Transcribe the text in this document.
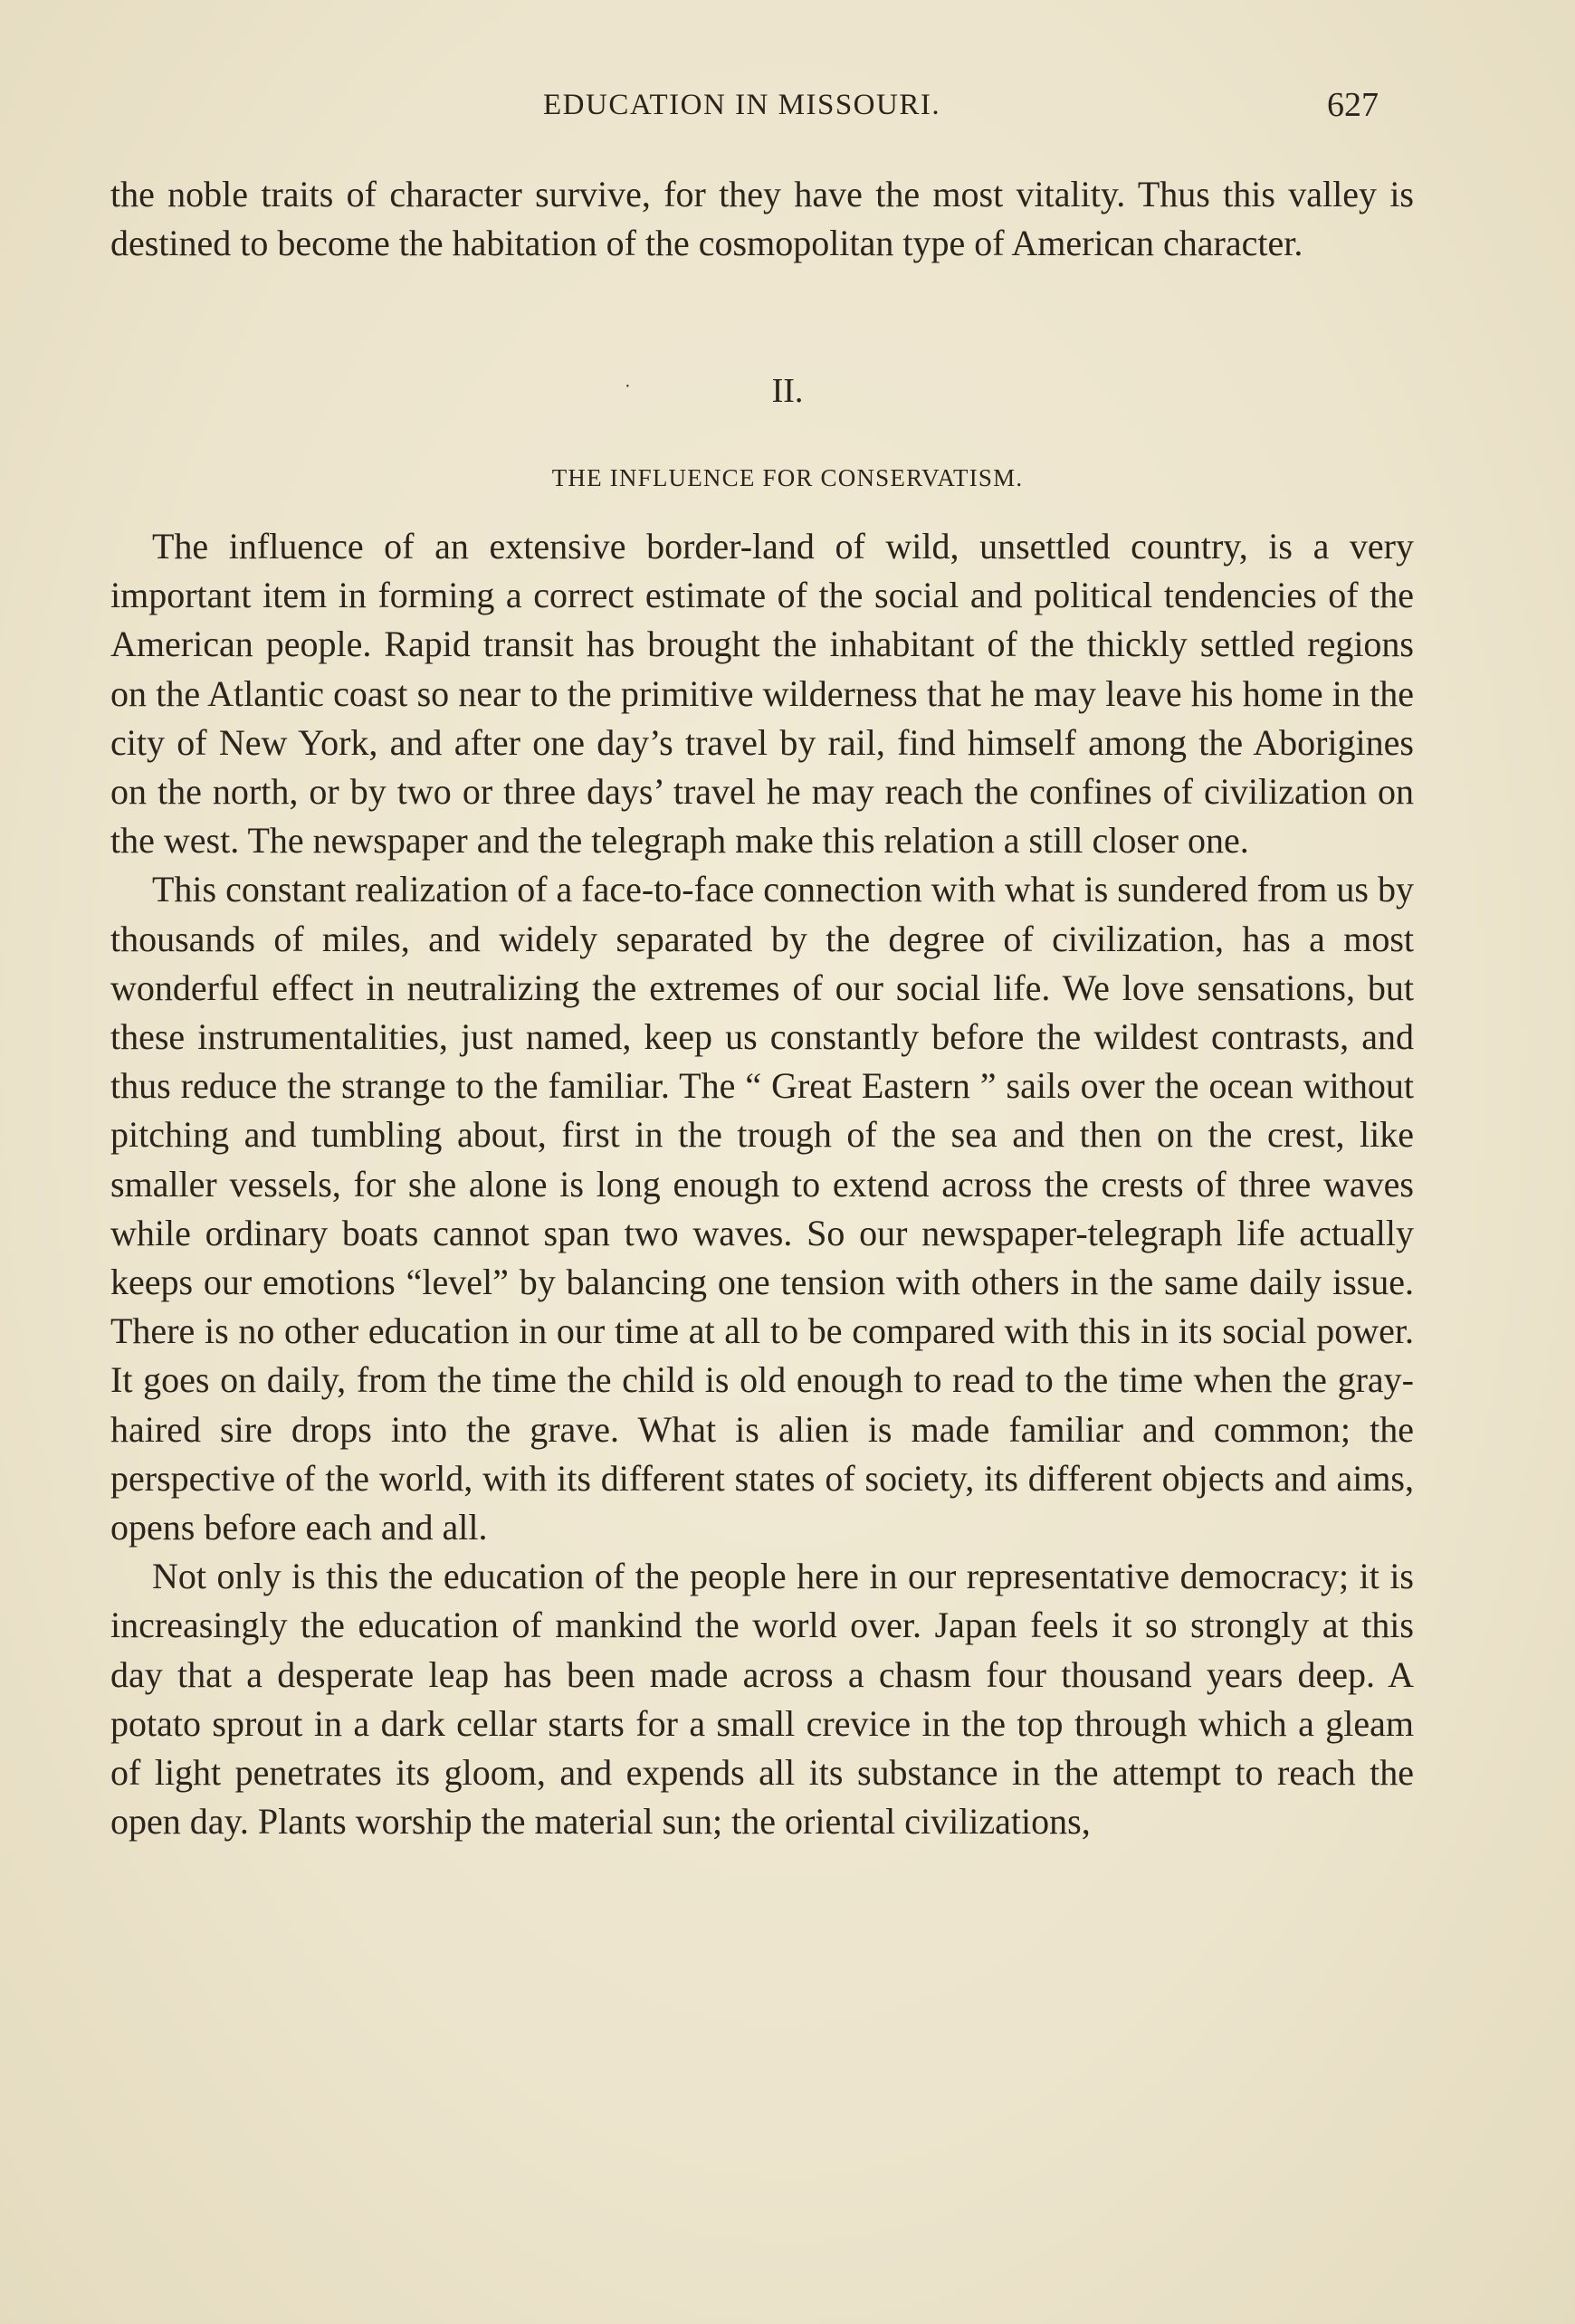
EDUCATION IN MISSOURI.	627

the noble traits of character survive, for they have the most vitality. Thus this valley is destined to become the habitation of the cosmopolitan type of American character.

·	II.
THE INFLUENCE FOR CONSERVATISM.

The influence of an extensive border-land of wild, unsettled country, is a very important item in forming a correct estimate of the social and political tendencies of the American people. Rapid transit has brought the inhabitant of the thickly settled regions on the Atlantic coast so near to the primitive wilderness that he may leave his home in the city of New York, and after one day’s travel by rail, find himself among the Aborigines on the north, or by two or three days’ travel he may reach the confines of civilization on the west. The newspaper and the telegraph make this relation a still closer one.

This constant realization of a face-to-face connection with what is sundered from us by thousands of miles, and widely separated by the degree of civilization, has a most wonderful effect in neutralizing the extremes of our social life. We love sensations, but these instrumentalities, just named, keep us constantly before the wildest contrasts, and thus reduce the strange to the familiar. The “ Great Eastern ” sails over the ocean without pitching and tumbling about, first in the trough of the sea and then on the crest, like smaller vessels, for she alone is long enough to extend across the crests of three waves while ordinary boats cannot span two waves. So our newspaper-telegraph life actually keeps our emotions “level” by balancing one tension with others in the same daily issue. There is no other education in our time at all to be compared with this in its social power. It goes on daily, from the time the child is old enough to read to the time when the gray-haired sire drops into the grave. What is alien is made familiar and common; the perspective of the world, with its different states of society, its different objects and aims, opens before each and all.

Not only is this the education of the people here in our representative democracy; it is increasingly the education of mankind the world over. Japan feels it so strongly at this day that a desperate leap has been made across a chasm four thousand years deep. A potato sprout in a dark cellar starts for a small crevice in the top through which a gleam of light penetrates its gloom, and expends all its substance in the attempt to reach the open day. Plants worship the material sun; the oriental civilizations,
